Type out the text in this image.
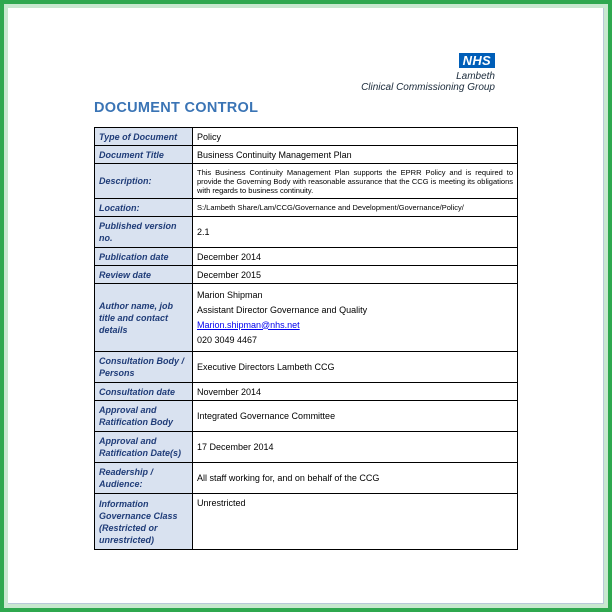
NHS
Lambeth
Clinical Commissioning Group
DOCUMENT CONTROL
Type of Document	Policy
Document Title	Business Continuity Management Plan
Description:	This Business Continuity Management Plan supports the EPRR Policy and is required to provide the Governing Body with reasonable assurance that the CCG is meeting its obligations with regards to business continuity.
Location:	S:/Lambeth Share/Lam/CCG/Governance and Development/Governance/Policy/
Published version no.	2.1
Publication date	December 2014
Review date	December 2015
Author name, job title and contact details	Marion Shipman
Assistant Director Governance and Quality
Marion.shipman@nhs.net
020 3049 4467

Consultation Body / Persons	Executive Directors Lambeth CCG
Consultation date	November 2014
Approval and Ratification Body	Integrated Governance Committee
Approval and Ratification Date(s)	17 December 2014
Readership / Audience:	All staff working for, and on behalf of the CCG
Information Governance Class (Restricted or unrestricted)	Unrestricted
